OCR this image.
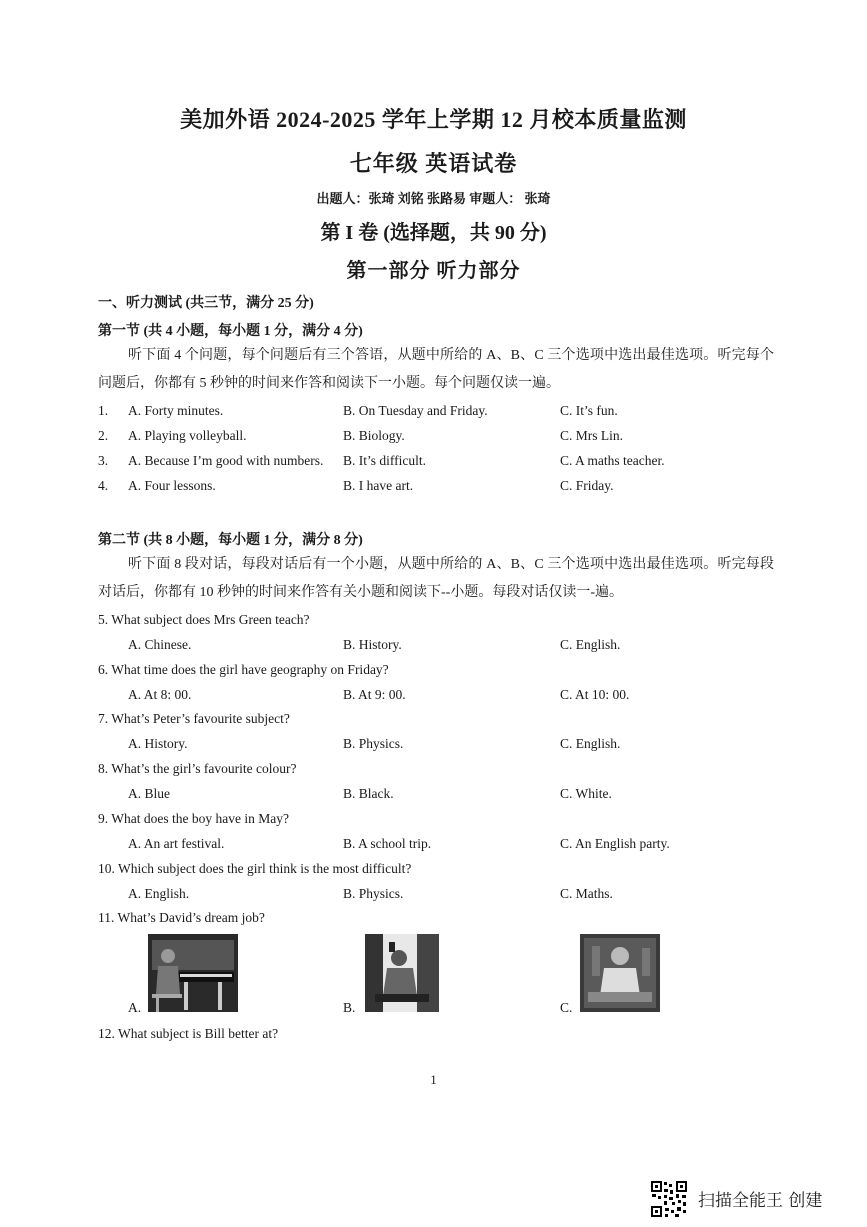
美加外语 2024-2025 学年上学期 12 月校本质量监测
七年级 英语试卷
出题人：张琦 刘铭 张路易 审题人： 张琦
第 I 卷 (选择题，共 90 分)
第一部分 听力部分
一、听力测试 (共三节，满分 25 分)
第一节 (共 4 小题，每小题 1 分，满分 4 分)
听下面 4 个问题，每个问题后有三个答语，从题中所给的 A、B、C 三个选项中选出最佳选项。听完每个问题后，你都有 5 秒钟的时间来作答和阅读下一小题。每个问题仅读一遍。
1. A. Forty minutes.	B. On Tuesday and Friday.	C. It’s fun.
2. A. Playing volleyball.	B. Biology.	C. Mrs Lin.
3. A. Because I’m good with numbers. B. It’s difficult.	C. A maths teacher.
4. A. Four lessons.	B. I have art.	C. Friday.
第二节 (共 8 小题，每小题 1 分，满分 8 分)
听下面 8 段对话，每段对话后有一个小题，从题中所给的 A、B、C 三个选项中选出最佳选项。听完每段对话后，你都有 10 秒钟的时间来作答有关小题和阅读下--小题。每段对话仅读一-遍。
5. What subject does Mrs Green teach?
A. Chinese.	B. History.	C. English.
6. What time does the girl have geography on Friday?
A. At 8: 00.	B. At 9: 00.	C. At 10: 00.
7. What’s Peter’s favourite subject?
A. History.	B. Physics.	C. English.
8. What’s the girl’s favourite colour?
A. Blue	B. Black.	C. White.
9. What does the boy have in May?
A. An art festival.	B. A school trip.	C. An English party.
10. Which subject does the girl think is the most difficult?
A. English.	B. Physics.	C. Maths.
11. What’s David’s dream job?
A.	B.	C.
12. What subject is Bill better at?
1
扫描全能王 创建
